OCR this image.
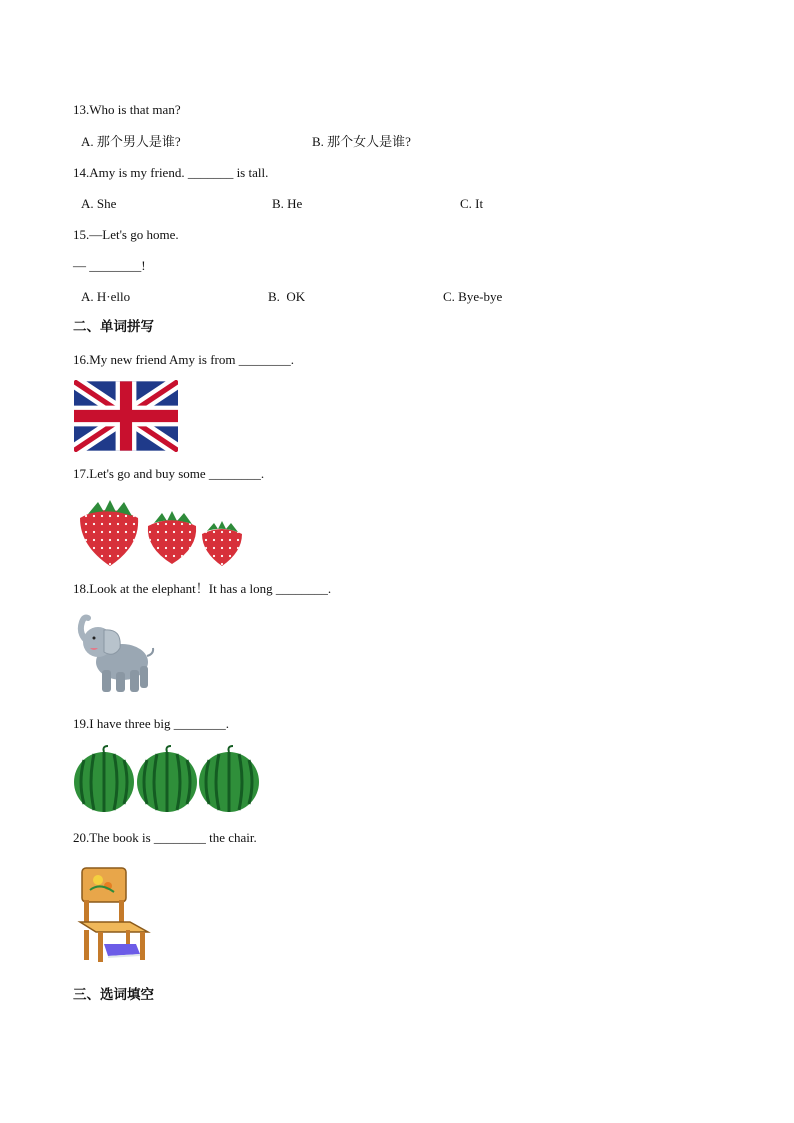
13.Who is that man?
A. 那个男人是谁?	B. 那个女人是谁?
14.Amy is my friend. _______ is tall.
A. She	B. He	C. It
15.—Let's go home.
— ________!
A. H·ello	B.  OK	C. Bye-bye
二、单词拼写
16.My new friend Amy is from ________.
17.Let's go and buy some ________.
18.Look at the elephant！It has a long ________.
19.I have three big ________.
20.The book is ________ the chair.
三、选词填空
